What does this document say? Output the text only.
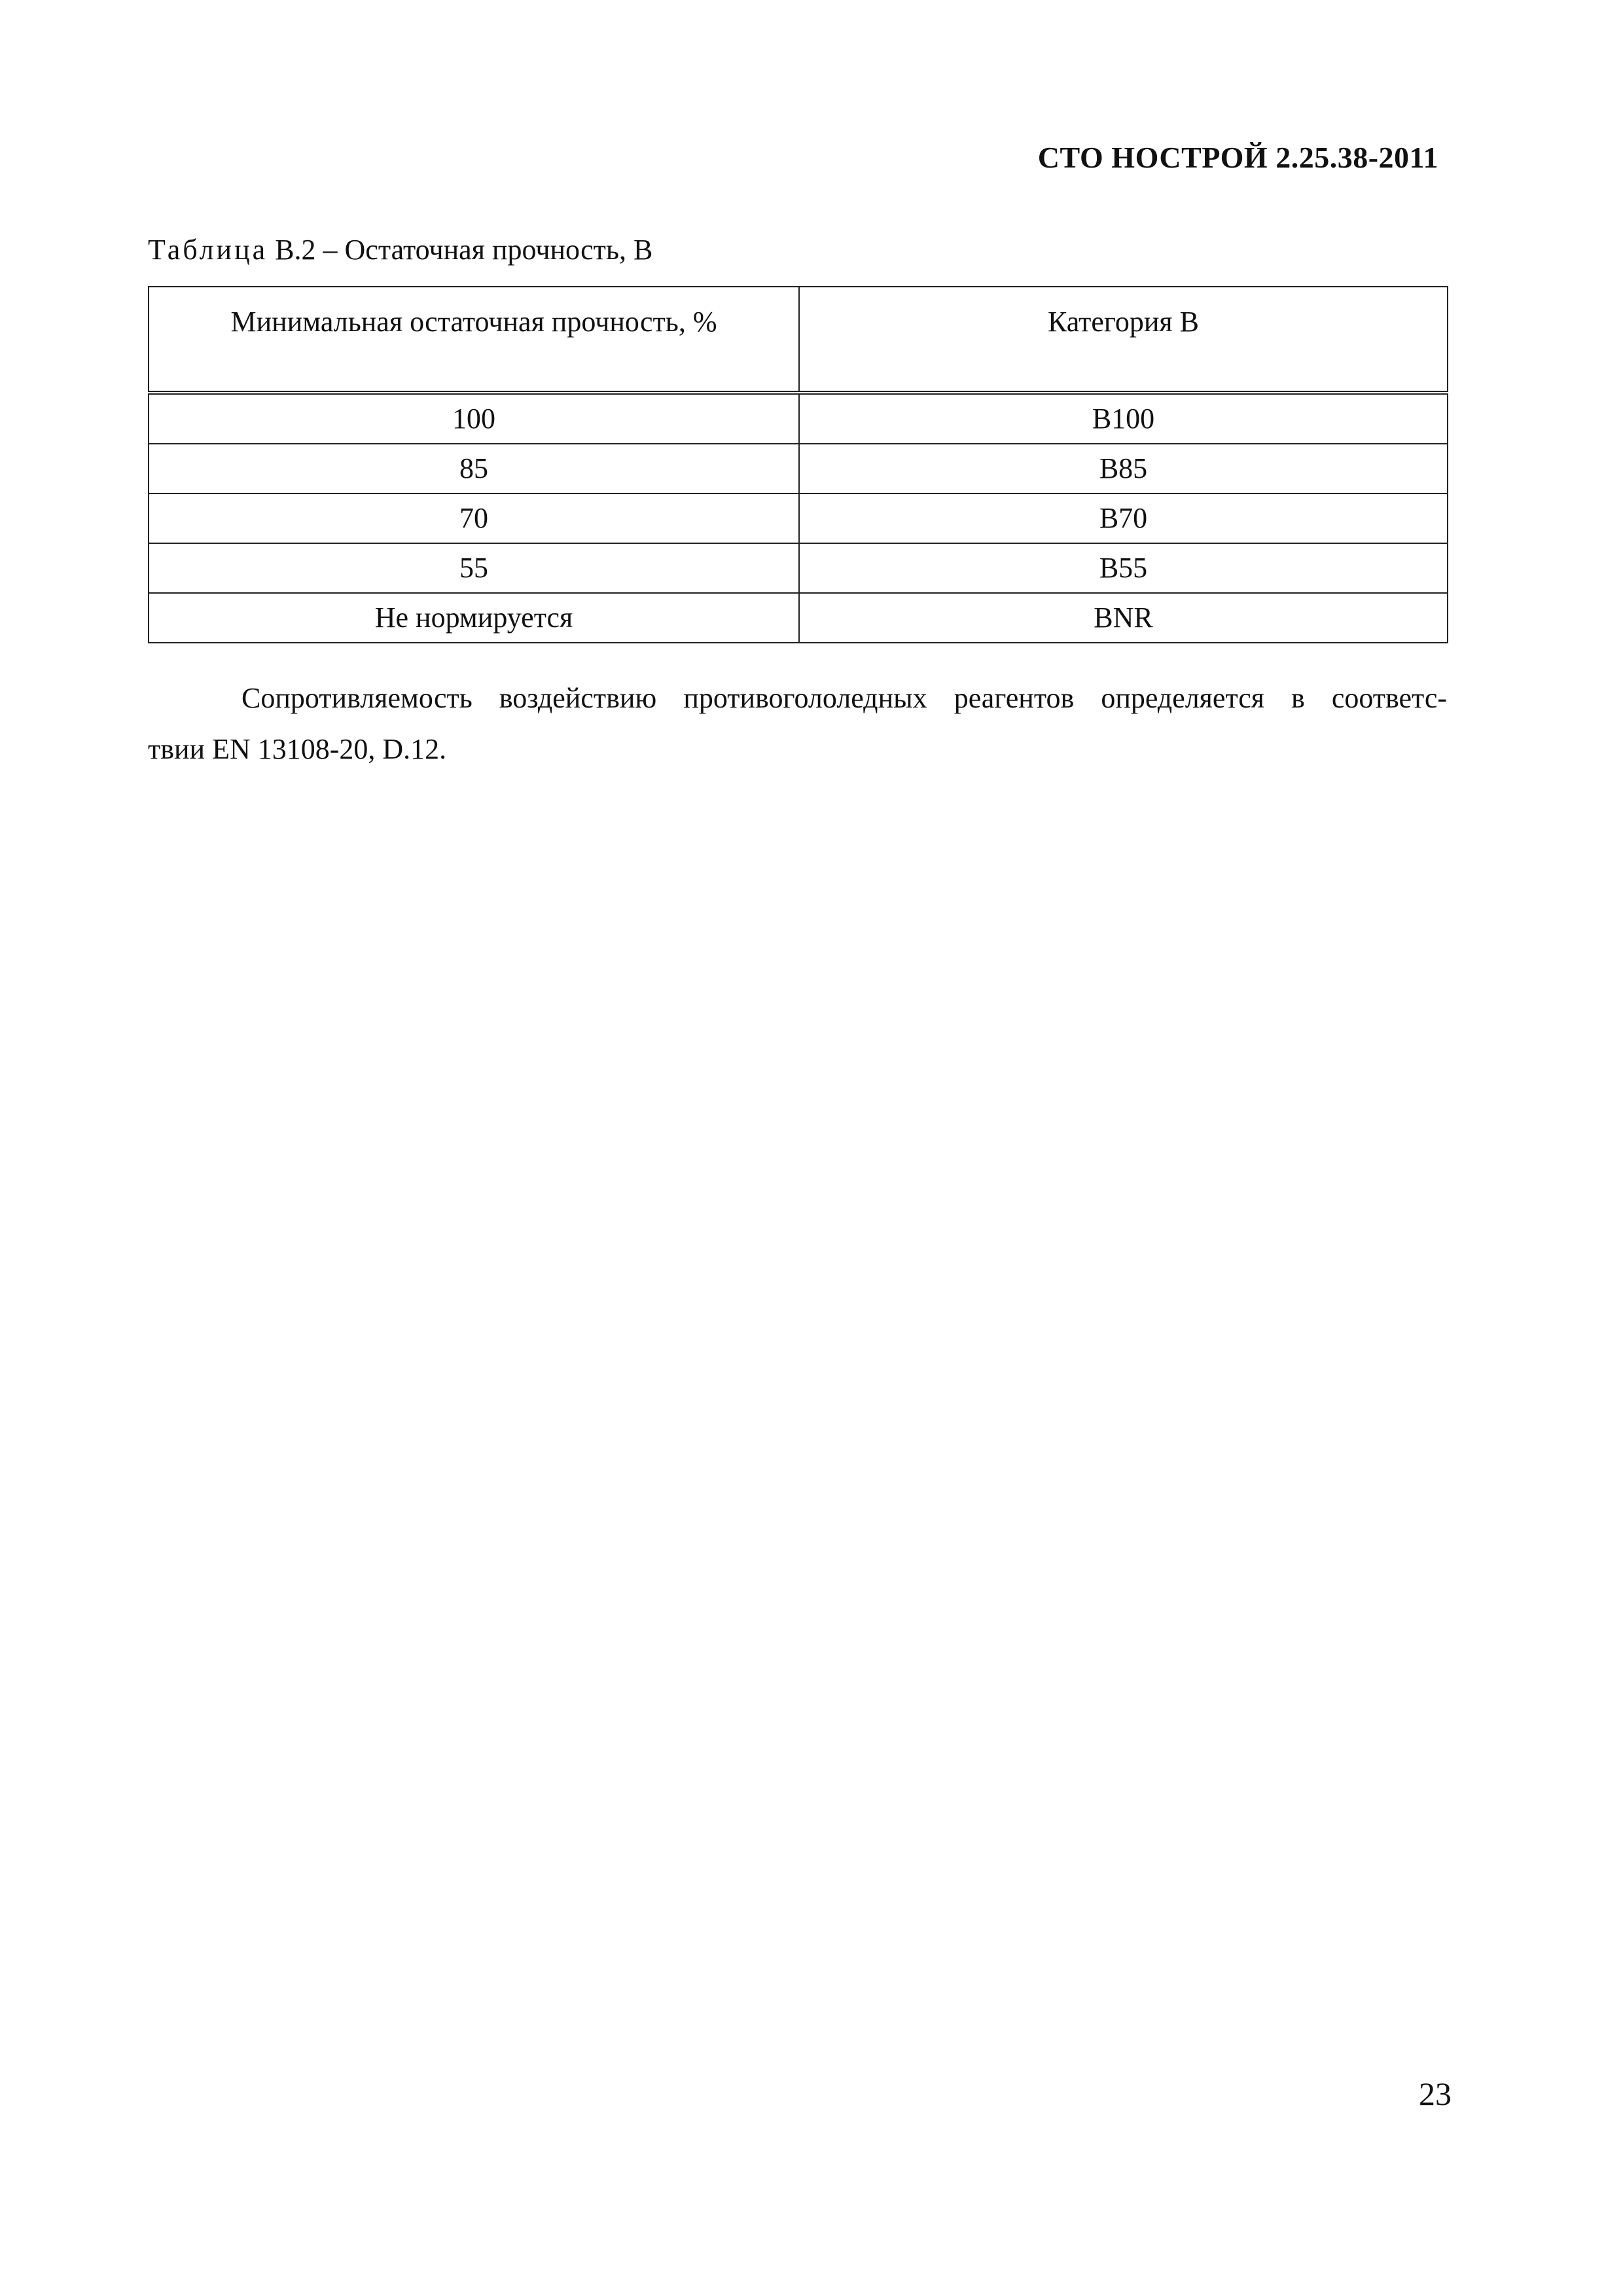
СТО НОСТРОЙ 2.25.38-2011
Таблица В.2 – Остаточная прочность, В
Минимальная остаточная прочность, %	Категория В
100	В100
85	В85
70	В70
55	В55
Не нормируется	BNR
Сопротивляемость воздействию противогололедных реагентов определяется в соответс-
твии EN 13108-20, D.12.
23
